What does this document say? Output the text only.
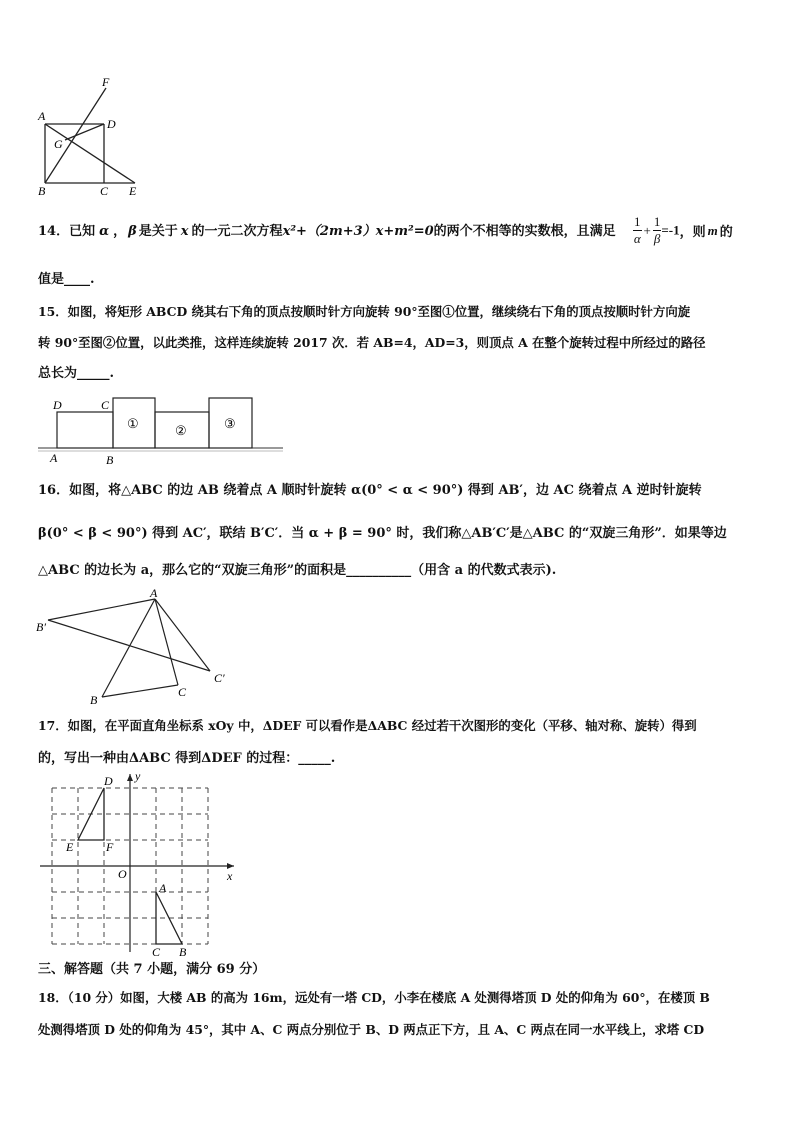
F
A
D
G
B	C E
14．已知 α ， β 是关于 x 的一元二次方程x²+（2m+3）x+m²=0的两个不相等的实数根，且满足 $\frac{1}{\alpha} + \frac{1}{\beta} =-1$，则 m 的
值是____.
15．如图，将矩形 ABCD 绕其右下角的顶点按顺时针方向旋转 90°至图①位置，继续绕右下角的顶点按顺时针方向旋
转 90°至图②位置，以此类推，这样连续旋转 2017 次．若 AB=4，AD=3，则顶点 A 在整个旋转过程中所经过的路径
总长为_____.
D	C
A	B
①	②	③
16．如图，将△ABC 的边 AB 绕着点 A 顺时针旋转 α(0° < α < 90°) 得到 AB′，边 AC 绕着点 A 逆时针旋转
β(0° < β < 90°) 得到 AC′，联结 B′C′．当 α + β = 90° 时，我们称△AB′C′是△ABC 的“双旋三角形”．如果等边
△ABC 的边长为 a，那么它的“双旋三角形”的面积是__________（用含 a 的代数式表示).
A
B′
B
C
C′
17．如图，在平面直角坐标系 xOy 中，ΔDEF 可以看作是ΔABC 经过若干次图形的变化（平移、轴对称、旋转）得到
的，写出一种由ΔABC 得到ΔDEF 的过程：_____.
D
E	F
O	x
y
A
C B
三、解答题（共 7 小题，满分 69 分）
18．（10 分）如图，大楼 AB 的高为 16m，远处有一塔 CD，小李在楼底 A 处测得塔顶 D 处的仰角为 60°，在楼顶 B
处测得塔顶 D 处的仰角为 45°，其中 A、C 两点分别位于 B、D 两点正下方，且 A、C 两点在同一水平线上，求塔 CD
